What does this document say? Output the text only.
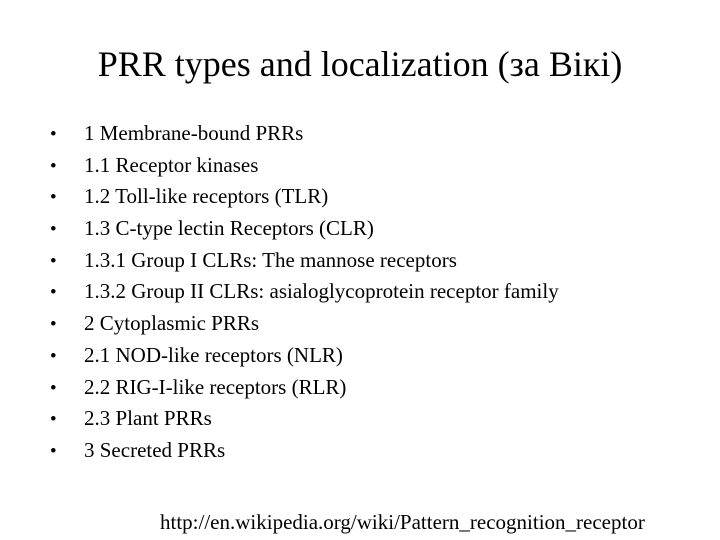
PRR types and localization (за Вікі)
•	1 Membrane-bound PRRs
•	1.1 Receptor kinases
•	1.2 Toll-like receptors (TLR)
•	1.3 C-type lectin Receptors (CLR)
•	1.3.1 Group I CLRs: The mannose receptors
•	1.3.2 Group II CLRs: asialoglycoprotein receptor family
•	2 Cytoplasmic PRRs
•	2.1 NOD-like receptors (NLR)
•	2.2 RIG-I-like receptors (RLR)
•	2.3 Plant PRRs
•	3 Secreted PRRs
http://en.wikipedia.org/wiki/Pattern_recognition_receptor
